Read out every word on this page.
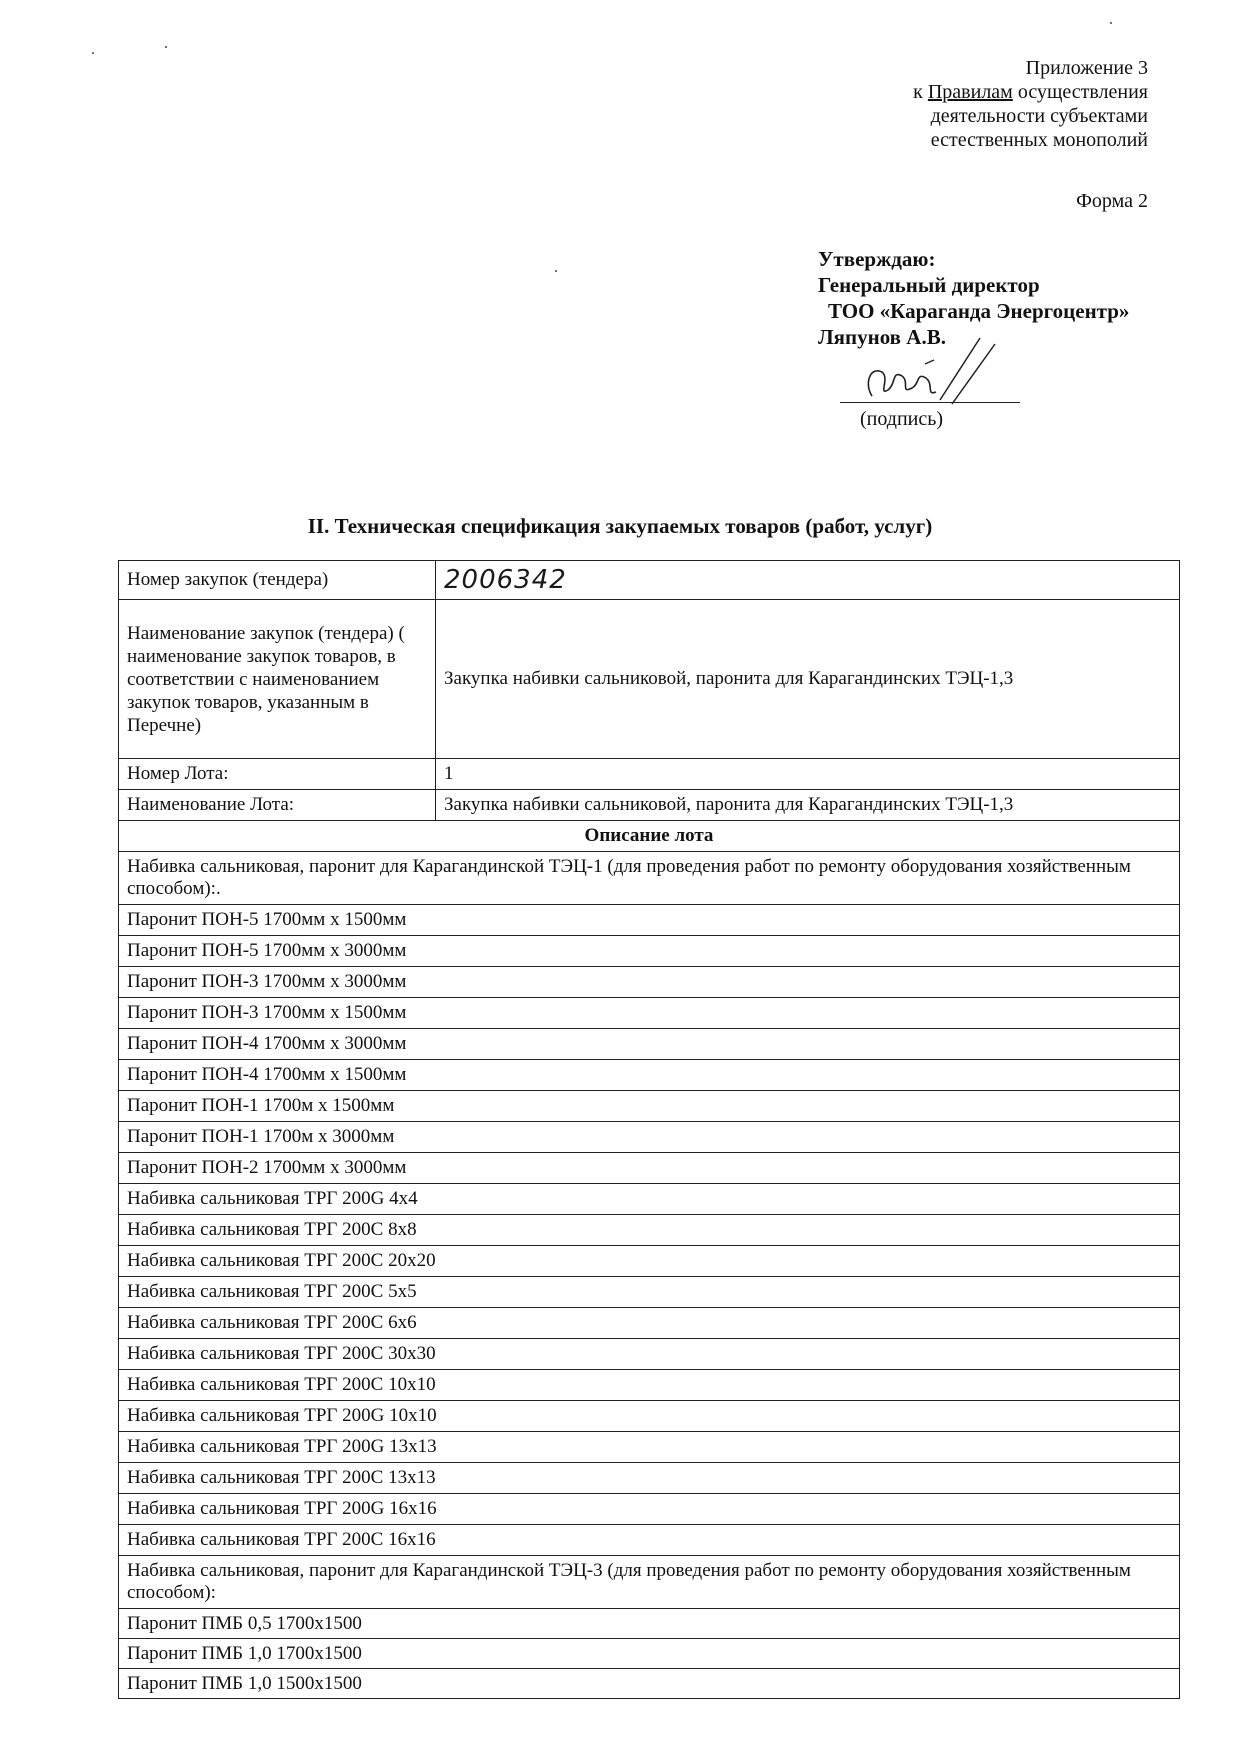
Приложение 3
к Правилам осуществления
деятельности субъектами
естественных монополий
Форма 2
Утверждаю:
Генеральный директор
ТОО «Караганда Энергоцентр»
Ляпунов А.В.
(подпись)
II. Техническая спецификация закупаемых товаров (работ, услуг)
Номер закупок (тендера)	2006342
Наименование закупок (тендера) ( наименование закупок товаров, в соответствии с наименованием закупок товаров, указанным в Перечне)	Закупка набивки сальниковой, паронита для Карагандинских ТЭЦ-1,3
Номер Лота:	1
Наименование Лота:	Закупка набивки сальниковой, паронита для Карагандинских ТЭЦ-1,3
Описание лота	
Набивка сальниковая, паронит для Карагандинской ТЭЦ-1 (для проведения работ по ремонту оборудования хозяйственным способом):.	
Паронит ПОН-5 1700мм х 1500мм	
Паронит ПОН-5 1700мм х 3000мм	
Паронит ПОН-3 1700мм х 3000мм	
Паронит ПОН-3 1700мм х 1500мм	
Паронит ПОН-4 1700мм х 3000мм	
Паронит ПОН-4 1700мм х 1500мм	
Паронит ПОН-1 1700м х 1500мм	
Паронит ПОН-1 1700м х 3000мм	
Паронит ПОН-2 1700мм х 3000мм	
Набивка сальниковая ТРГ 200G 4х4	
Набивка сальниковая ТРГ 200С 8х8	
Набивка сальниковая ТРГ 200С 20х20	
Набивка сальниковая ТРГ 200С 5х5	
Набивка сальниковая ТРГ 200С 6х6	
Набивка сальниковая ТРГ 200С 30х30	
Набивка сальниковая ТРГ 200С 10х10	
Набивка сальниковая ТРГ 200G 10х10	
Набивка сальниковая ТРГ 200G 13х13	
Набивка сальниковая ТРГ 200С 13х13	
Набивка сальниковая ТРГ 200G 16х16	
Набивка сальниковая ТРГ 200С 16х16	
Набивка сальниковая, паронит для Карагандинской ТЭЦ-3 (для проведения работ по ремонту оборудования хозяйственным способом):	
Паронит ПМБ 0,5 1700х1500	
Паронит ПМБ 1,0 1700х1500	
Паронит ПМБ 1,0 1500х1500	
